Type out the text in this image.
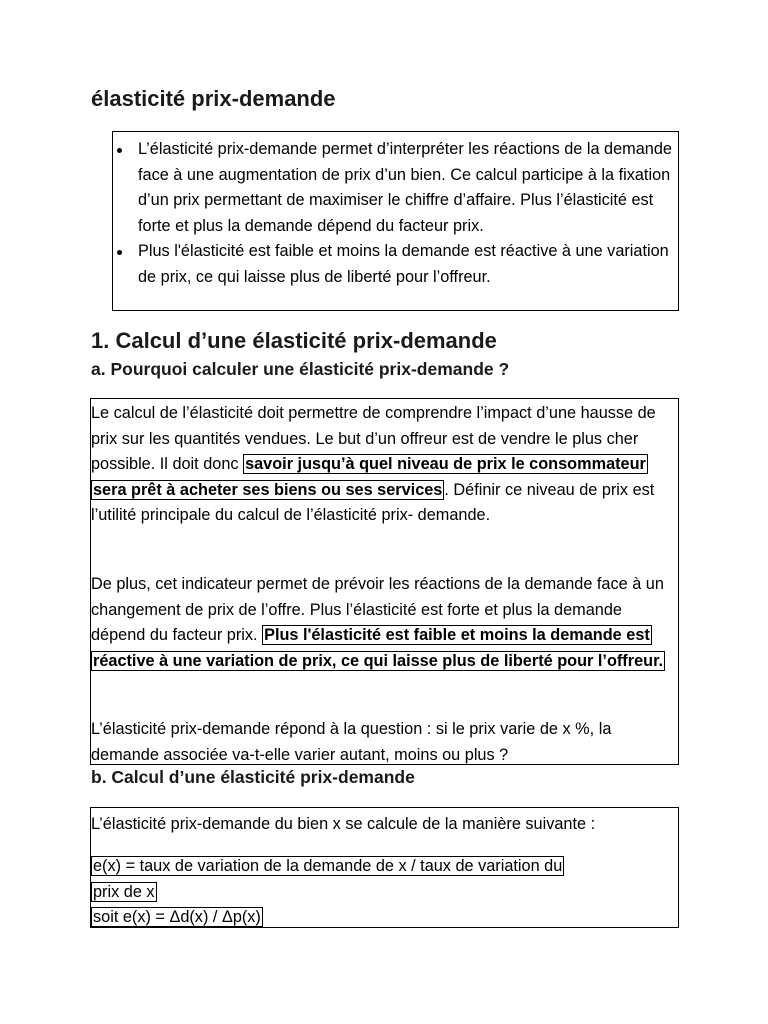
élasticité prix-demande
L’élasticité prix-demande permet d’interpréter les réactions de la demande face à une augmentation de prix d’un bien. Ce calcul participe à la fixation d’un prix permettant de maximiser le chiffre d’affaire. Plus l’élasticité est forte et plus la demande dépend du facteur prix.
Plus l'élasticité est faible et moins la demande est réactive à une variation de prix, ce qui laisse plus de liberté pour l’offreur.
1. Calcul d’une élasticité prix-demande
a. Pourquoi calculer une élasticité prix-demande ?

Le calcul de l’élasticité doit permettre de comprendre l’impact d’une hausse de prix sur les quantités vendues. Le but d’un offreur est de vendre le plus cher possible. Il doit donc savoir jusqu’à quel niveau de prix le consommateur sera prêt à acheter ses biens ou ses services . Définir ce niveau de prix est l’utilité principale du calcul de l’élasticité prix- demande.

De plus, cet indicateur permet de prévoir les réactions de la demande face à un changement de prix de l’offre. Plus l’élasticité est forte et plus la demande dépend du facteur prix. Plus l'élasticité est faible et moins la demande est réactive à une variation de prix, ce qui laisse plus de liberté pour l’offreur.

L’élasticité prix-demande répond à la question : si le prix varie de x %, la demande associée va-t-elle varier autant, moins ou plus ?

b. Calcul d’une élasticité prix-demande

L’élasticité prix-demande du bien x se calcule de la manière suivante :

e(x) = taux de variation de la demande de x / taux de variation du
prix de x
soit e(x) = Δd(x) / Δp(x)
